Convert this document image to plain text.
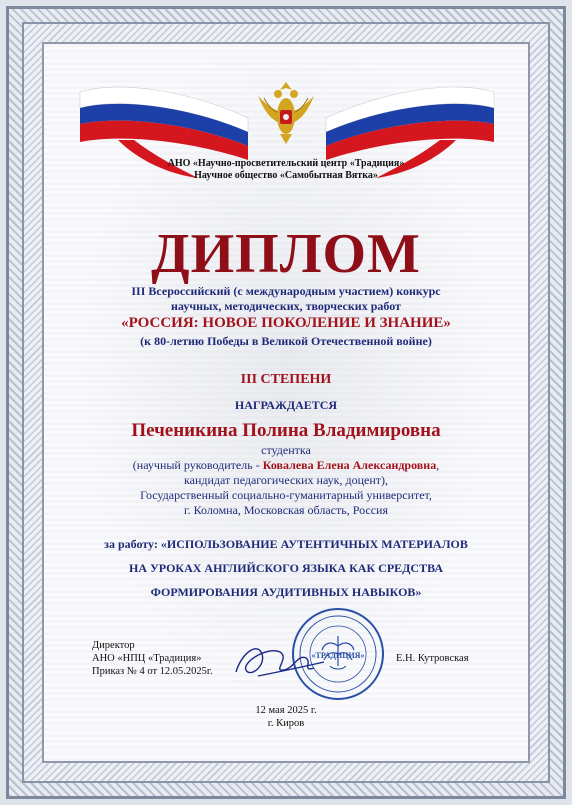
АНО «Научно-просветительский центр «Традиция»
Научное общество «Самобытная Вятка»
ДИПЛОМ
III Всероссийский (с международным участием) конкурс
научных, методических, творческих работ
«РОССИЯ: НОВОЕ ПОКОЛЕНИЕ И ЗНАНИЕ»
(к 80-летию Победы в Великой Отечественной войне)
III СТЕПЕНИ
НАГРАЖДАЕТСЯ
Печеникина Полина Владимировна
студентка
(научный руководитель - Ковалева Елена Александровна,
кандидат педагогических наук, доцент),
Государственный социально-гуманитарный университет,
г. Коломна, Московская область, Россия
за работу: «ИСПОЛЬЗОВАНИЕ АУТЕНТИЧНЫХ МАТЕРИАЛОВ
НА УРОКАХ АНГЛИЙСКОГО ЯЗЫКА КАК СРЕДСТВА
ФОРМИРОВАНИЯ АУДИТИВНЫХ НАВЫКОВ»
Директор
АНО «НПЦ «Традиция»
Приказ № 4 от 12.05.2025г.
«ТРАДИЦИЯ»	Е.Н. Кутровская
12 мая 2025 г.
г. Киров
